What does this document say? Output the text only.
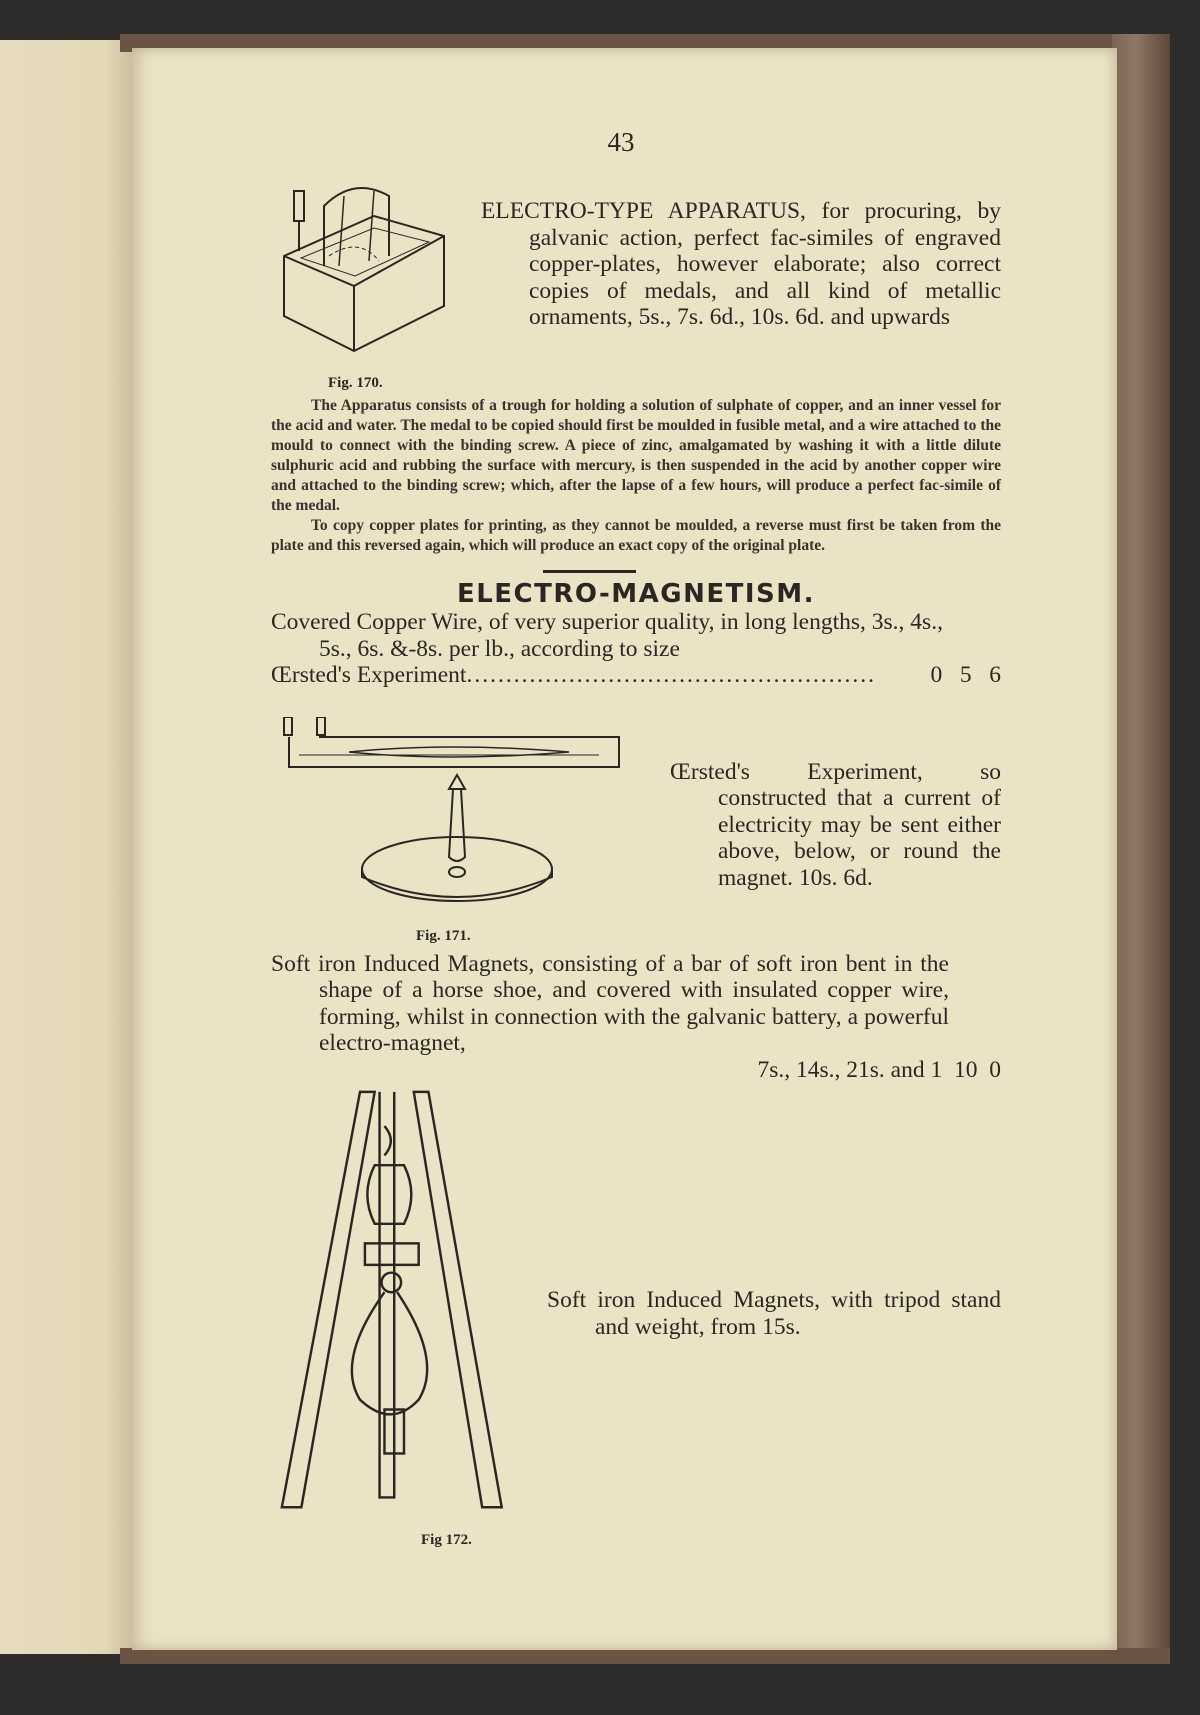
43
Fig. 170.
ELECTRO-TYPE APPARATUS, for procuring, by galvanic action, perfect fac-similes of engraved copper-plates, however elaborate; also correct copies of medals, and all kind of metallic ornaments, 5s., 7s. 6d., 10s. 6d. and upwards
The Apparatus consists of a trough for holding a solution of sulphate of copper, and an inner vessel for the acid and water. The medal to be copied should first be moulded in fusible metal, and a wire attached to the mould to connect with the binding screw. A piece of zinc, amalgamated by washing it with a little dilute sulphuric acid and rubbing the surface with mercury, is then suspended in the acid by another copper wire and attached to the binding screw; which, after the lapse of a few hours, will produce a perfect fac-simile of the medal.
To copy copper plates for printing, as they cannot be moulded, a reverse must first be taken from the plate and this reversed again, which will produce an exact copy of the original plate.
ELECTRO-MAGNETISM.
Covered Copper Wire, of very superior quality, in long lengths, 3s., 4s., 5s., 6s. &-8s. per lb., according to size
Œrsted's Experiment ....................................................	0   5   6
Fig. 171.
Œrsted's Experiment, so constructed that a current of electricity may be sent either above, below, or round the magnet. 10s. 6d.
Soft iron Induced Magnets, consisting of a bar of soft iron bent in the shape of a horse shoe, and covered with insulated copper wire, forming, whilst in connection with the galvanic battery, a powerful electro-magnet,
7s., 14s., 21s. and 1  10  0
Fig 172.
Soft iron Induced Magnets, with tripod stand and weight, from 15s.
